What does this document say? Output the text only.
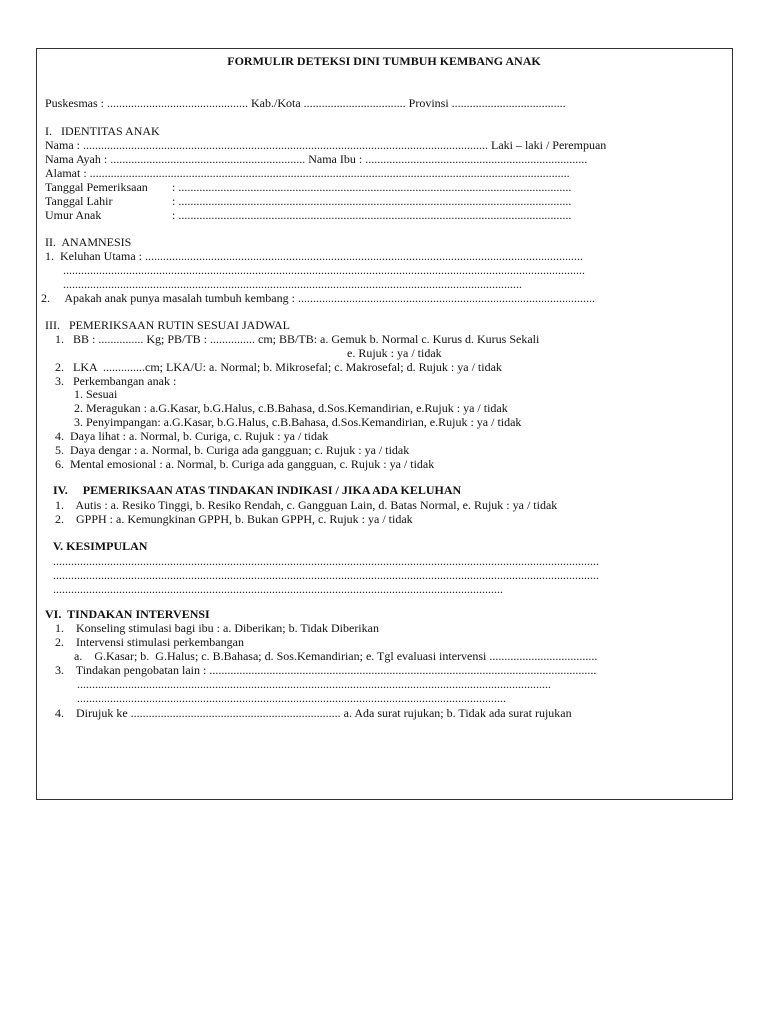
FORMULIR DETEKSI DINI TUMBUH KEMBANG ANAK
Puskesmas : ............................................... Kab./Kota .................................. Provinsi ......................................
I.   IDENTITAS ANAK
Nama : ....................................................................................................................................... Laki – laki / Perempuan
Nama Ayah : ................................................................. Nama Ibu : ..........................................................................
Alamat : ................................................................................................................................................................
Tanggal Pemeriksaan : ...................................................................................................................................
Tanggal Lahir	: ...................................................................................................................................
Umur Anak	: ...................................................................................................................................
II.  ANAMNESIS
1.  Keluhan Utama : ..................................................................................................................................................
..............................................................................................................................................................................
.........................................................................................................................................................
2.     Apakah anak punya masalah tumbuh kembang : ...................................................................................................
III.   PEMERIKSAAN RUTIN SESUAI JADWAL
1.   BB : ............... Kg; PB/TB : ............... cm; BB/TB: a. Gemuk b. Normal c. Kurus d. Kurus Sekali
e. Rujuk : ya / tidak
2.   LKA  ..............cm; LKA/U: a. Normal; b. Mikrosefal; c. Makrosefal; d. Rujuk : ya / tidak
3.   Perkembangan anak :
1. Sesuai
2. Meragukan : a.G.Kasar, b.G.Halus, c.B.Bahasa, d.Sos.Kemandirian, e.Rujuk : ya / tidak
3. Penyimpangan: a.G.Kasar, b.G.Halus, c.B.Bahasa, d.Sos.Kemandirian, e.Rujuk : ya / tidak
4.  Daya lihat : a. Normal, b. Curiga, c. Rujuk : ya / tidak
5.  Daya dengar : a. Normal, b. Curiga ada gangguan; c. Rujuk : ya / tidak
6.  Mental emosional : a. Normal, b. Curiga ada gangguan, c. Rujuk : ya / tidak
IV.     PEMERIKSAAN ATAS TINDAKAN INDIKASI / JIKA ADA KELUHAN
1.    Autis : a. Resiko Tinggi, b. Resiko Rendah, c. Gangguan Lain, d. Batas Normal, e. Rujuk : ya / tidak
2.    GPPH : a. Kemungkinan GPPH, b. Bukan GPPH, c. Rujuk : ya / tidak
V. KESIMPULAN
......................................................................................................................................................................................
......................................................................................................................................................................................
......................................................................................................................................................
VI.  TINDAKAN INTERVENSI
1.    Konseling stimulasi bagi ibu : a. Diberikan; b. Tidak Diberikan
2.    Intervensi stimulasi perkembangan
a.    G.Kasar; b.  G.Halus; c. B.Bahasa; d. Sos.Kemandirian; e. Tgl evaluasi intervensi ....................................
3.    Tindakan pengobatan lain : .................................................................................................................................
..............................................................................................................................................................
...............................................................................................................................................
4.    Dirujuk ke ...................................................................... a. Ada surat rujukan; b. Tidak ada surat rujukan
